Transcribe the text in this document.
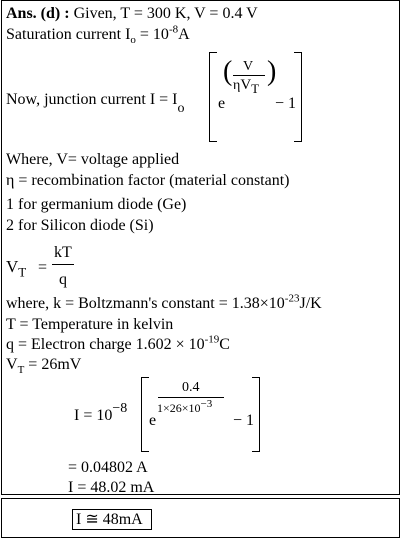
Ans. (d) : Given, T = 300 K, V = 0.4 V
Saturation current $I_o = 10^{-8}A$
Now, junction current $I = I_o$ e
( )
V
$\eta V_T$
− 1
Where, V= voltage applied
η = recombination factor (material constant)
1 for germanium diode (Ge)
2 for Silicon diode (Si)
$V_T$ =
kT
q
where, k = Boltzmann's constant = $1.38\times 10^{-23}J/K$
T = Temperature in kelvin
q = Electron charge $1.602 \times 10^{-19}C$
$V_T = 26mV$
$I = 10^{-8}$
e
0.4
$1\times 26\times 10^{-3}$
− 1
= 0.04802 A
I = 48.02 mA
I ≅ 48mA
